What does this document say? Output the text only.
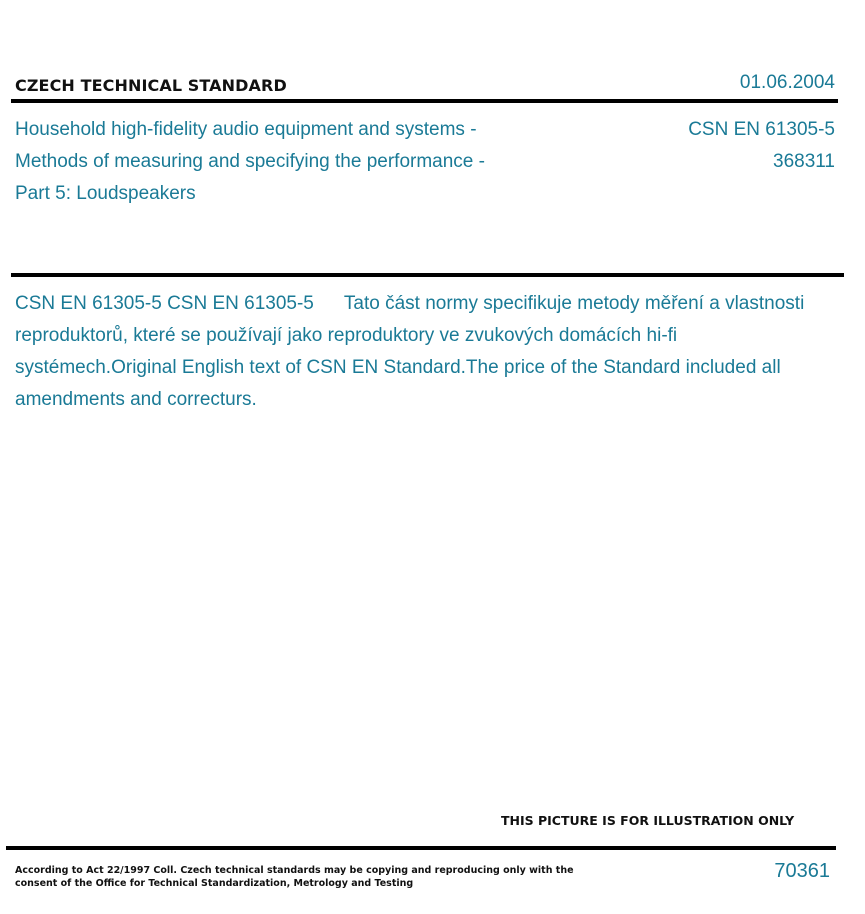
CZECH TECHNICAL STANDARD	01.06.2004

Household high-fidelity audio equipment and systems - Methods of measuring and specifying the performance - Part 5: Loudspeakers

CSN EN 61305-5
368311

CSN EN 61305-5 CSN EN 61305-5 Tato část normy specifikuje metody měření a vlastnosti reproduktorů, které se používají jako reproduktory ve zvukových domácích hi-fi systémech.Original English text of CSN EN Standard.The price of the Standard included all amendments and correcturs.

THIS PICTURE IS FOR ILLUSTRATION ONLY
According to Act 22/1997 Coll. Czech technical standards may be copying and reproducing only with the consent of the Office for Technical Standardization, Metrology and Testing
70361
